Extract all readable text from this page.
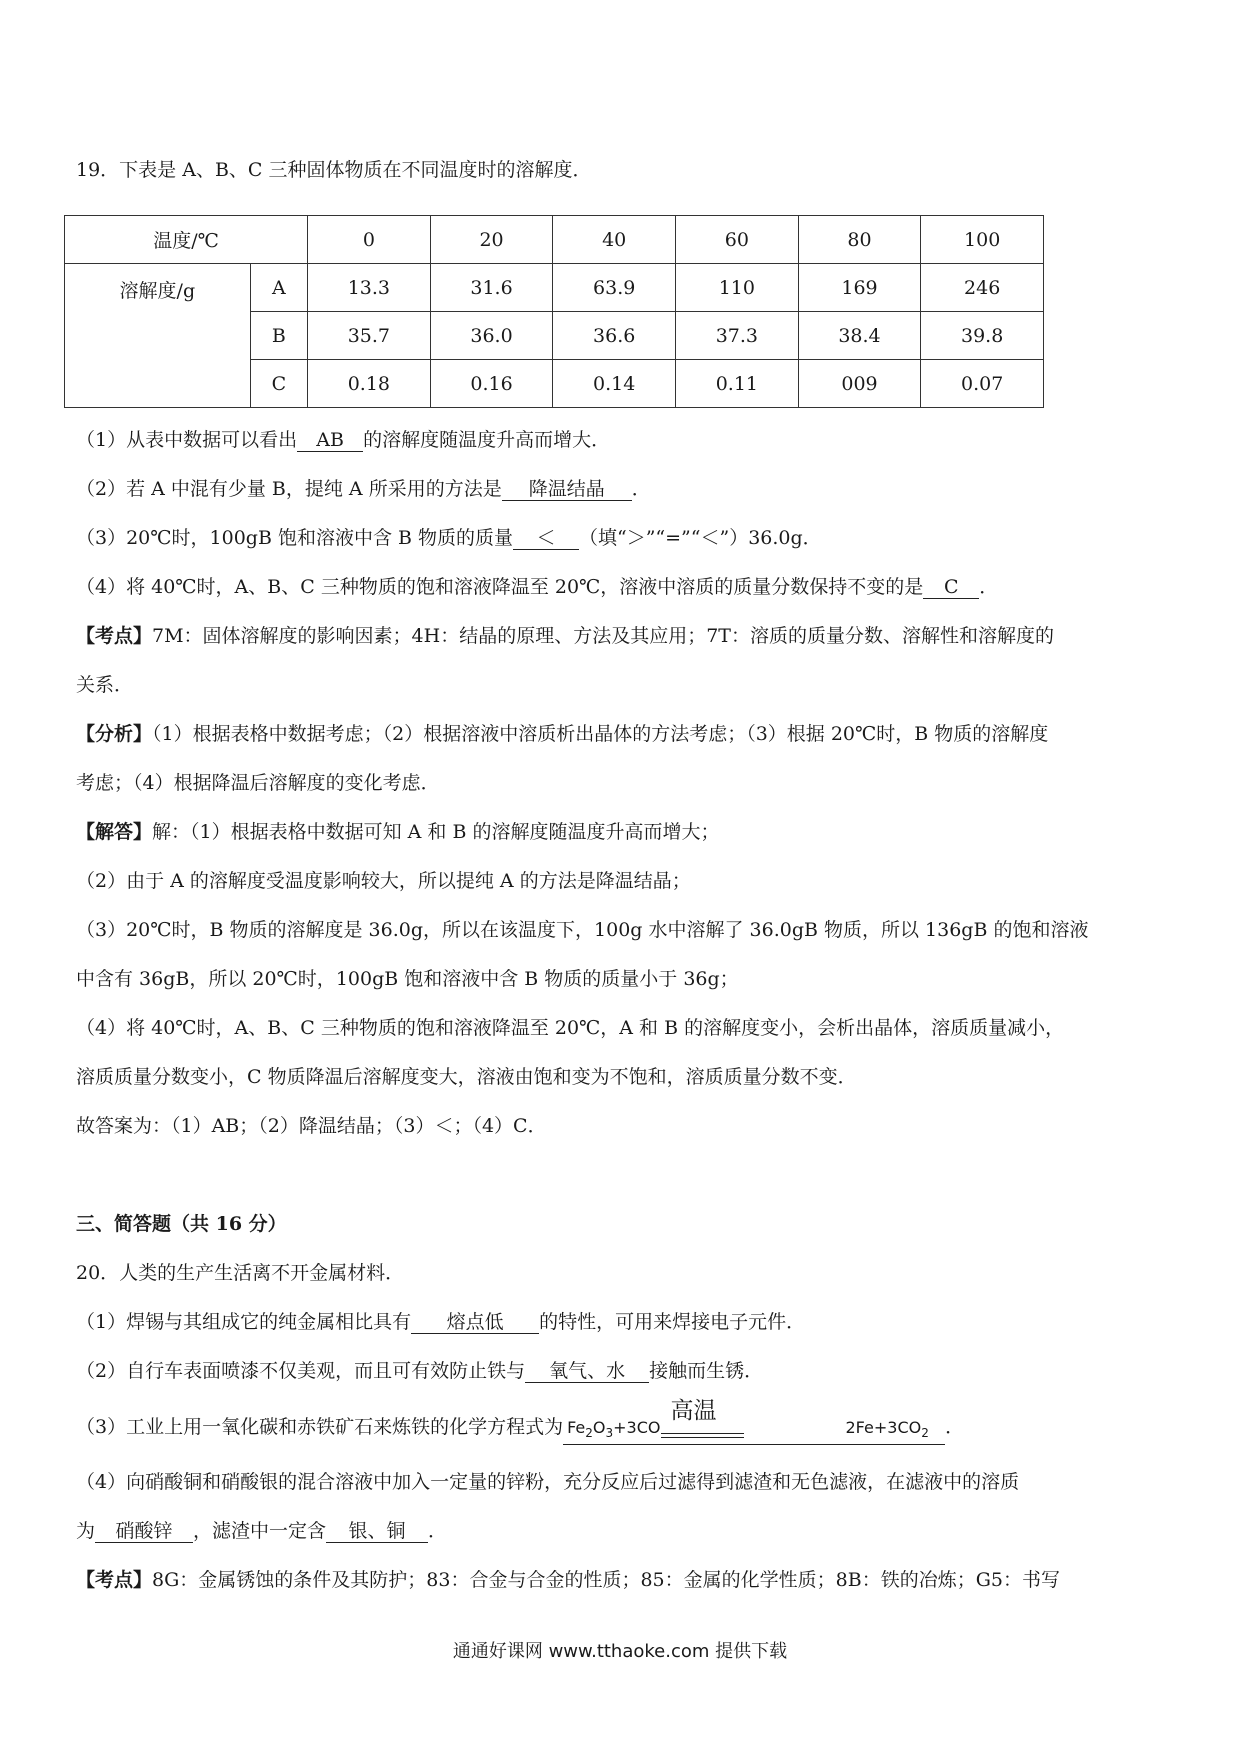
19．下表是 A、B、C 三种固体物质在不同温度时的溶解度．
温度/℃		0	20	40	60	80	100
溶解度/g	A	13.3	31.6	63.9	110	169	246
	B	35.7	36.0	36.6	37.3	38.4	39.8
	C	0.18	0.16	0.14	0.11	009	0.07
（1）从表中数据可以看出 AB 的溶解度随温度升高而增大．
（2）若 A 中混有少量 B，提纯 A 所采用的方法是 降温结晶 ．
（3）20℃时，100gB 饱和溶液中含 B 物质的质量 ＜ （填“＞”“=”“＜”）36.0g．
（4）将 40℃时，A、B、C 三种物质的饱和溶液降温至 20℃，溶液中溶质的质量分数保持不变的是 C ．
【考点】7M：固体溶解度的影响因素；4H：结晶的原理、方法及其应用；7T：溶质的质量分数、溶解性和溶解度的
关系．
【分析】（1）根据表格中数据考虑；（2）根据溶液中溶质析出晶体的方法考虑；（3）根据 20℃时，B 物质的溶解度
考虑；（4）根据降温后溶解度的变化考虑．
【解答】解：（1）根据表格中数据可知 A 和 B 的溶解度随温度升高而增大；
（2）由于 A 的溶解度受温度影响较大，所以提纯 A 的方法是降温结晶；
（3）20℃时，B 物质的溶解度是 36.0g，所以在该温度下，100g 水中溶解了 36.0gB 物质，所以 136gB 的饱和溶液
中含有 36gB，所以 20℃时，100gB 饱和溶液中含 B 物质的质量小于 36g；
（4）将 40℃时，A、B、C 三种物质的饱和溶液降温至 20℃，A 和 B 的溶解度变小，会析出晶体，溶质质量减小，
溶质质量分数变小，C 物质降温后溶解度变大，溶液由饱和变为不饱和，溶质质量分数不变．
故答案为：（1）AB；（2）降温结晶；（3）＜；（4）C．
三、简答题（共 16 分）
20．人类的生产生活离不开金属材料．
（1）焊锡与其组成它的纯金属相比具有 熔点低 的特性，可用来焊接电子元件．
（2）自行车表面喷漆不仅美观，而且可有效防止铁与 氧气、水 接触而生锈．
（3）工业上用一氧化碳和赤铁矿石来炼铁的化学方程式为 $Fe_2O_3+3CO$
高温
$2Fe+3CO_2$ ．
（4）向硝酸铜和硝酸银的混合溶液中加入一定量的锌粉，充分反应后过滤得到滤渣和无色滤液，在滤液中的溶质
为 硝酸锌 ，滤渣中一定含 银、铜 ．
【考点】8G：金属锈蚀的条件及其防护；83：合金与合金的性质；85：金属的化学性质；8B：铁的冶炼；G5：书写
通通好课网 www.tthaoke.com 提供下载
